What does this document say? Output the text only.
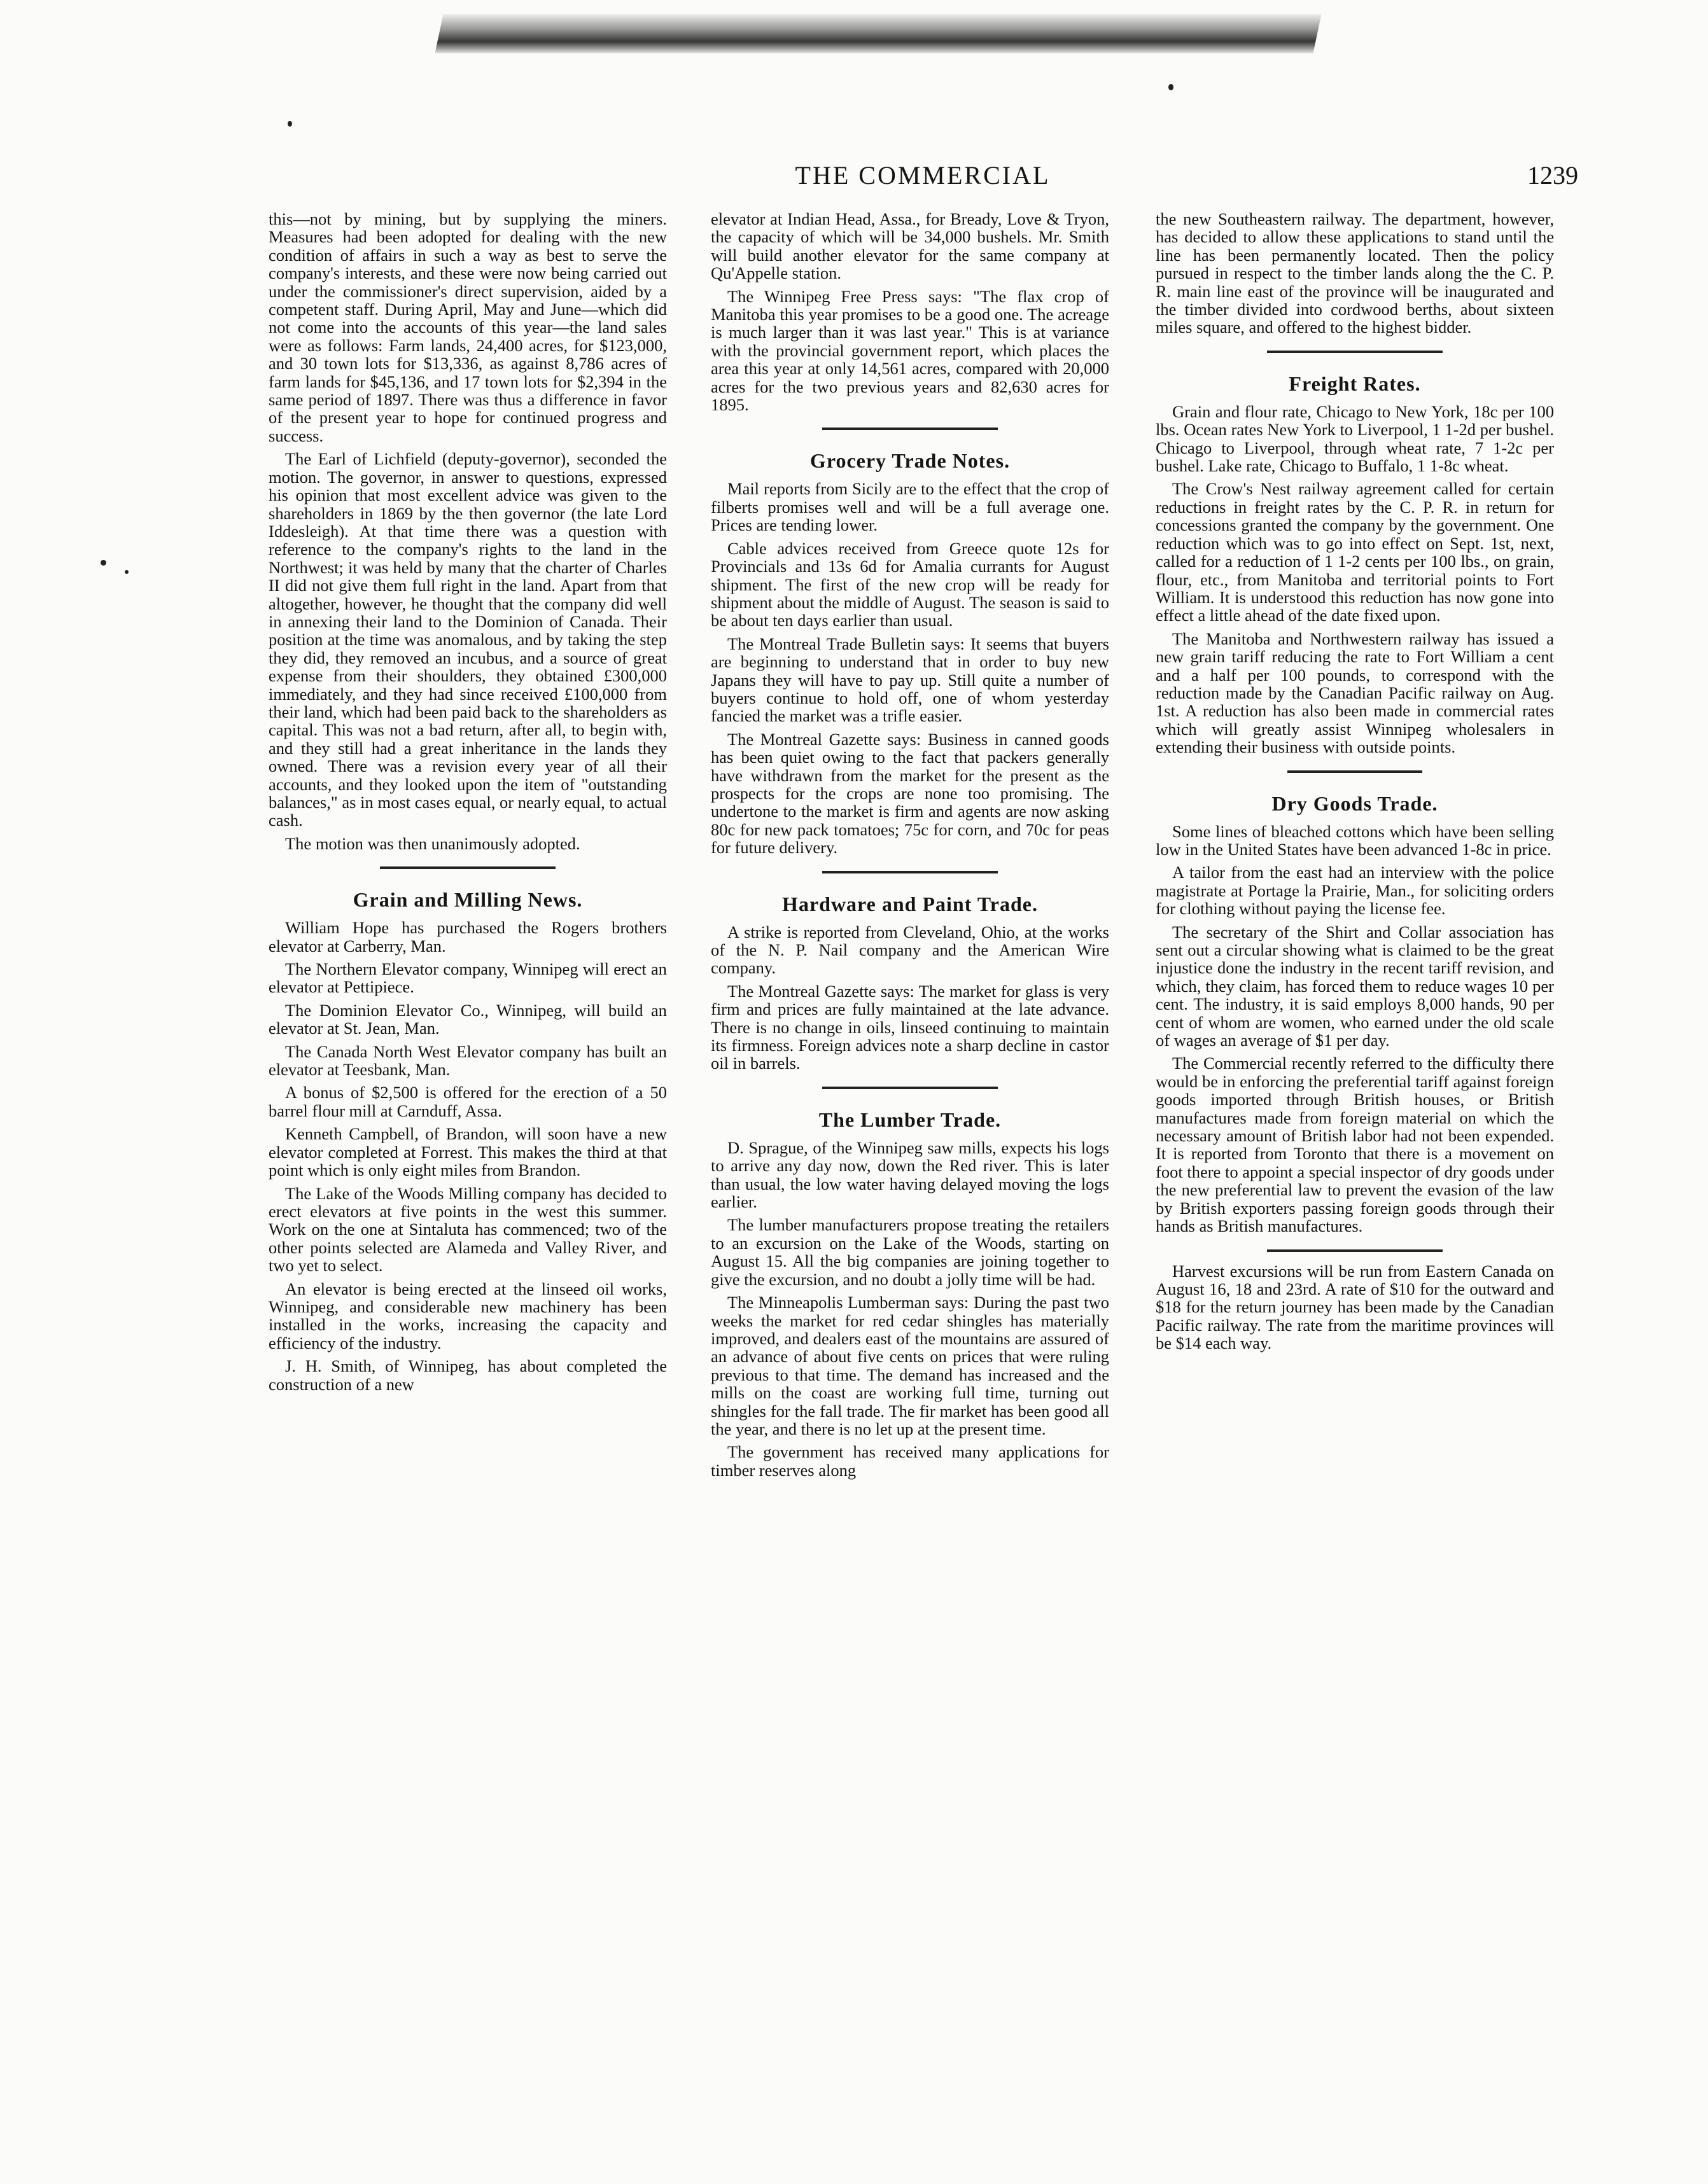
THE COMMERCIAL	1239

this—not by mining, but by supplying the miners. Measures had been adopted for dealing with the new condition of affairs in such a way as best to serve the company's interests, and these were now being carried out under the commissioner's direct supervision, aided by a competent staff. During April, May and June—which did not come into the accounts of this year—the land sales were as follows: Farm lands, 24,400 acres, for $123,000, and 30 town lots for $13,336, as against 8,786 acres of farm lands for $45,136, and 17 town lots for $2,394 in the same period of 1897. There was thus a difference in favor of the present year to hope for continued progress and success.

The Earl of Lichfield (deputy-governor), seconded the motion. The governor, in answer to questions, expressed his opinion that most excellent advice was given to the shareholders in 1869 by the then governor (the late Lord Iddesleigh). At that time there was a question with reference to the company's rights to the land in the Northwest; it was held by many that the charter of Charles II did not give them full right in the land. Apart from that altogether, however, he thought that the company did well in annexing their land to the Dominion of Canada. Their position at the time was anomalous, and by taking the step they did, they removed an incubus, and a source of great expense from their shoulders, they obtained £300,000 immediately, and they had since received £100,000 from their land, which had been paid back to the shareholders as capital. This was not a bad return, after all, to begin with, and they still had a great inheritance in the lands they owned. There was a revision every year of all their accounts, and they looked upon the item of "outstanding balances," as in most cases equal, or nearly equal, to actual cash.

The motion was then unanimously adopted.

Grain and Milling News.

William Hope has purchased the Rogers brothers elevator at Carberry, Man.

The Northern Elevator company, Winnipeg will erect an elevator at Pettipiece.

The Dominion Elevator Co., Winnipeg, will build an elevator at St. Jean, Man.

The Canada North West Elevator company has built an elevator at Teesbank, Man.

A bonus of $2,500 is offered for the erection of a 50 barrel flour mill at Carnduff, Assa.

Kenneth Campbell, of Brandon, will soon have a new elevator completed at Forrest. This makes the third at that point which is only eight miles from Brandon.

The Lake of the Woods Milling company has decided to erect elevators at five points in the west this summer. Work on the one at Sintaluta has commenced; two of the other points selected are Alameda and Valley River, and two yet to select.

An elevator is being erected at the linseed oil works, Winnipeg, and considerable new machinery has been installed in the works, increasing the capacity and efficiency of the industry.

J. H. Smith, of Winnipeg, has about completed the construction of a new

elevator at Indian Head, Assa., for Bready, Love & Tryon, the capacity of which will be 34,000 bushels. Mr. Smith will build another elevator for the same company at Qu'Appelle station.

The Winnipeg Free Press says: "The flax crop of Manitoba this year promises to be a good one. The acreage is much larger than it was last year." This is at variance with the provincial government report, which places the area this year at only 14,561 acres, compared with 20,000 acres for the two previous years and 82,630 acres for 1895.

Grocery Trade Notes.

Mail reports from Sicily are to the effect that the crop of filberts promises well and will be a full average one. Prices are tending lower.

Cable advices received from Greece quote 12s for Provincials and 13s 6d for Amalia currants for August shipment. The first of the new crop will be ready for shipment about the middle of August. The season is said to be about ten days earlier than usual.

The Montreal Trade Bulletin says: It seems that buyers are beginning to understand that in order to buy new Japans they will have to pay up. Still quite a number of buyers continue to hold off, one of whom yesterday fancied the market was a trifle easier.

The Montreal Gazette says: Business in canned goods has been quiet owing to the fact that packers generally have withdrawn from the market for the present as the prospects for the crops are none too promising. The undertone to the market is firm and agents are now asking 80c for new pack tomatoes; 75c for corn, and 70c for peas for future delivery.

Hardware and Paint Trade.

A strike is reported from Cleveland, Ohio, at the works of the N. P. Nail company and the American Wire company.

The Montreal Gazette says: The market for glass is very firm and prices are fully maintained at the late advance. There is no change in oils, linseed continuing to maintain its firmness. Foreign advices note a sharp decline in castor oil in barrels.

The Lumber Trade.

D. Sprague, of the Winnipeg saw mills, expects his logs to arrive any day now, down the Red river. This is later than usual, the low water having delayed moving the logs earlier.

The lumber manufacturers propose treating the retailers to an excursion on the Lake of the Woods, starting on August 15. All the big companies are joining together to give the excursion, and no doubt a jolly time will be had.

The Minneapolis Lumberman says: During the past two weeks the market for red cedar shingles has materially improved, and dealers east of the mountains are assured of an advance of about five cents on prices that were ruling previous to that time. The demand has increased and the mills on the coast are working full time, turning out shingles for the fall trade. The fir market has been good all the year, and there is no let up at the present time.

The government has received many applications for timber reserves along

the new Southeastern railway. The department, however, has decided to allow these applications to stand until the line has been permanently located. Then the policy pursued in respect to the timber lands along the the C. P. R. main line east of the province will be inaugurated and the timber divided into cordwood berths, about sixteen miles square, and offered to the highest bidder.

Freight Rates.

Grain and flour rate, Chicago to New York, 18c per 100 lbs. Ocean rates New York to Liverpool, 1 1-2d per bushel. Chicago to Liverpool, through wheat rate, 7 1-2c per bushel. Lake rate, Chicago to Buffalo, 1 1-8c wheat.

The Crow's Nest railway agreement called for certain reductions in freight rates by the C. P. R. in return for concessions granted the company by the government. One reduction which was to go into effect on Sept. 1st, next, called for a reduction of 1 1-2 cents per 100 lbs., on grain, flour, etc., from Manitoba and territorial points to Fort William. It is understood this reduction has now gone into effect a little ahead of the date fixed upon.

The Manitoba and Northwestern railway has issued a new grain tariff reducing the rate to Fort William a cent and a half per 100 pounds, to correspond with the reduction made by the Canadian Pacific railway on Aug. 1st. A reduction has also been made in commercial rates which will greatly assist Winnipeg wholesalers in extending their business with outside points.

Dry Goods Trade.

Some lines of bleached cottons which have been selling low in the United States have been advanced 1-8c in price.

A tailor from the east had an interview with the police magistrate at Portage la Prairie, Man., for soliciting orders for clothing without paying the license fee.

The secretary of the Shirt and Collar association has sent out a circular showing what is claimed to be the great injustice done the industry in the recent tariff revision, and which, they claim, has forced them to reduce wages 10 per cent. The industry, it is said employs 8,000 hands, 90 per cent of whom are women, who earned under the old scale of wages an average of $1 per day.

The Commercial recently referred to the difficulty there would be in enforcing the preferential tariff against foreign goods imported through British houses, or British manufactures made from foreign material on which the necessary amount of British labor had not been expended. It is reported from Toronto that there is a movement on foot there to appoint a special inspector of dry goods under the new preferential law to prevent the evasion of the law by British exporters passing foreign goods through their hands as British manufactures.

Harvest excursions will be run from Eastern Canada on August 16, 18 and 23rd. A rate of $10 for the outward and $18 for the return journey has been made by the Canadian Pacific railway. The rate from the maritime provinces will be $14 each way.
